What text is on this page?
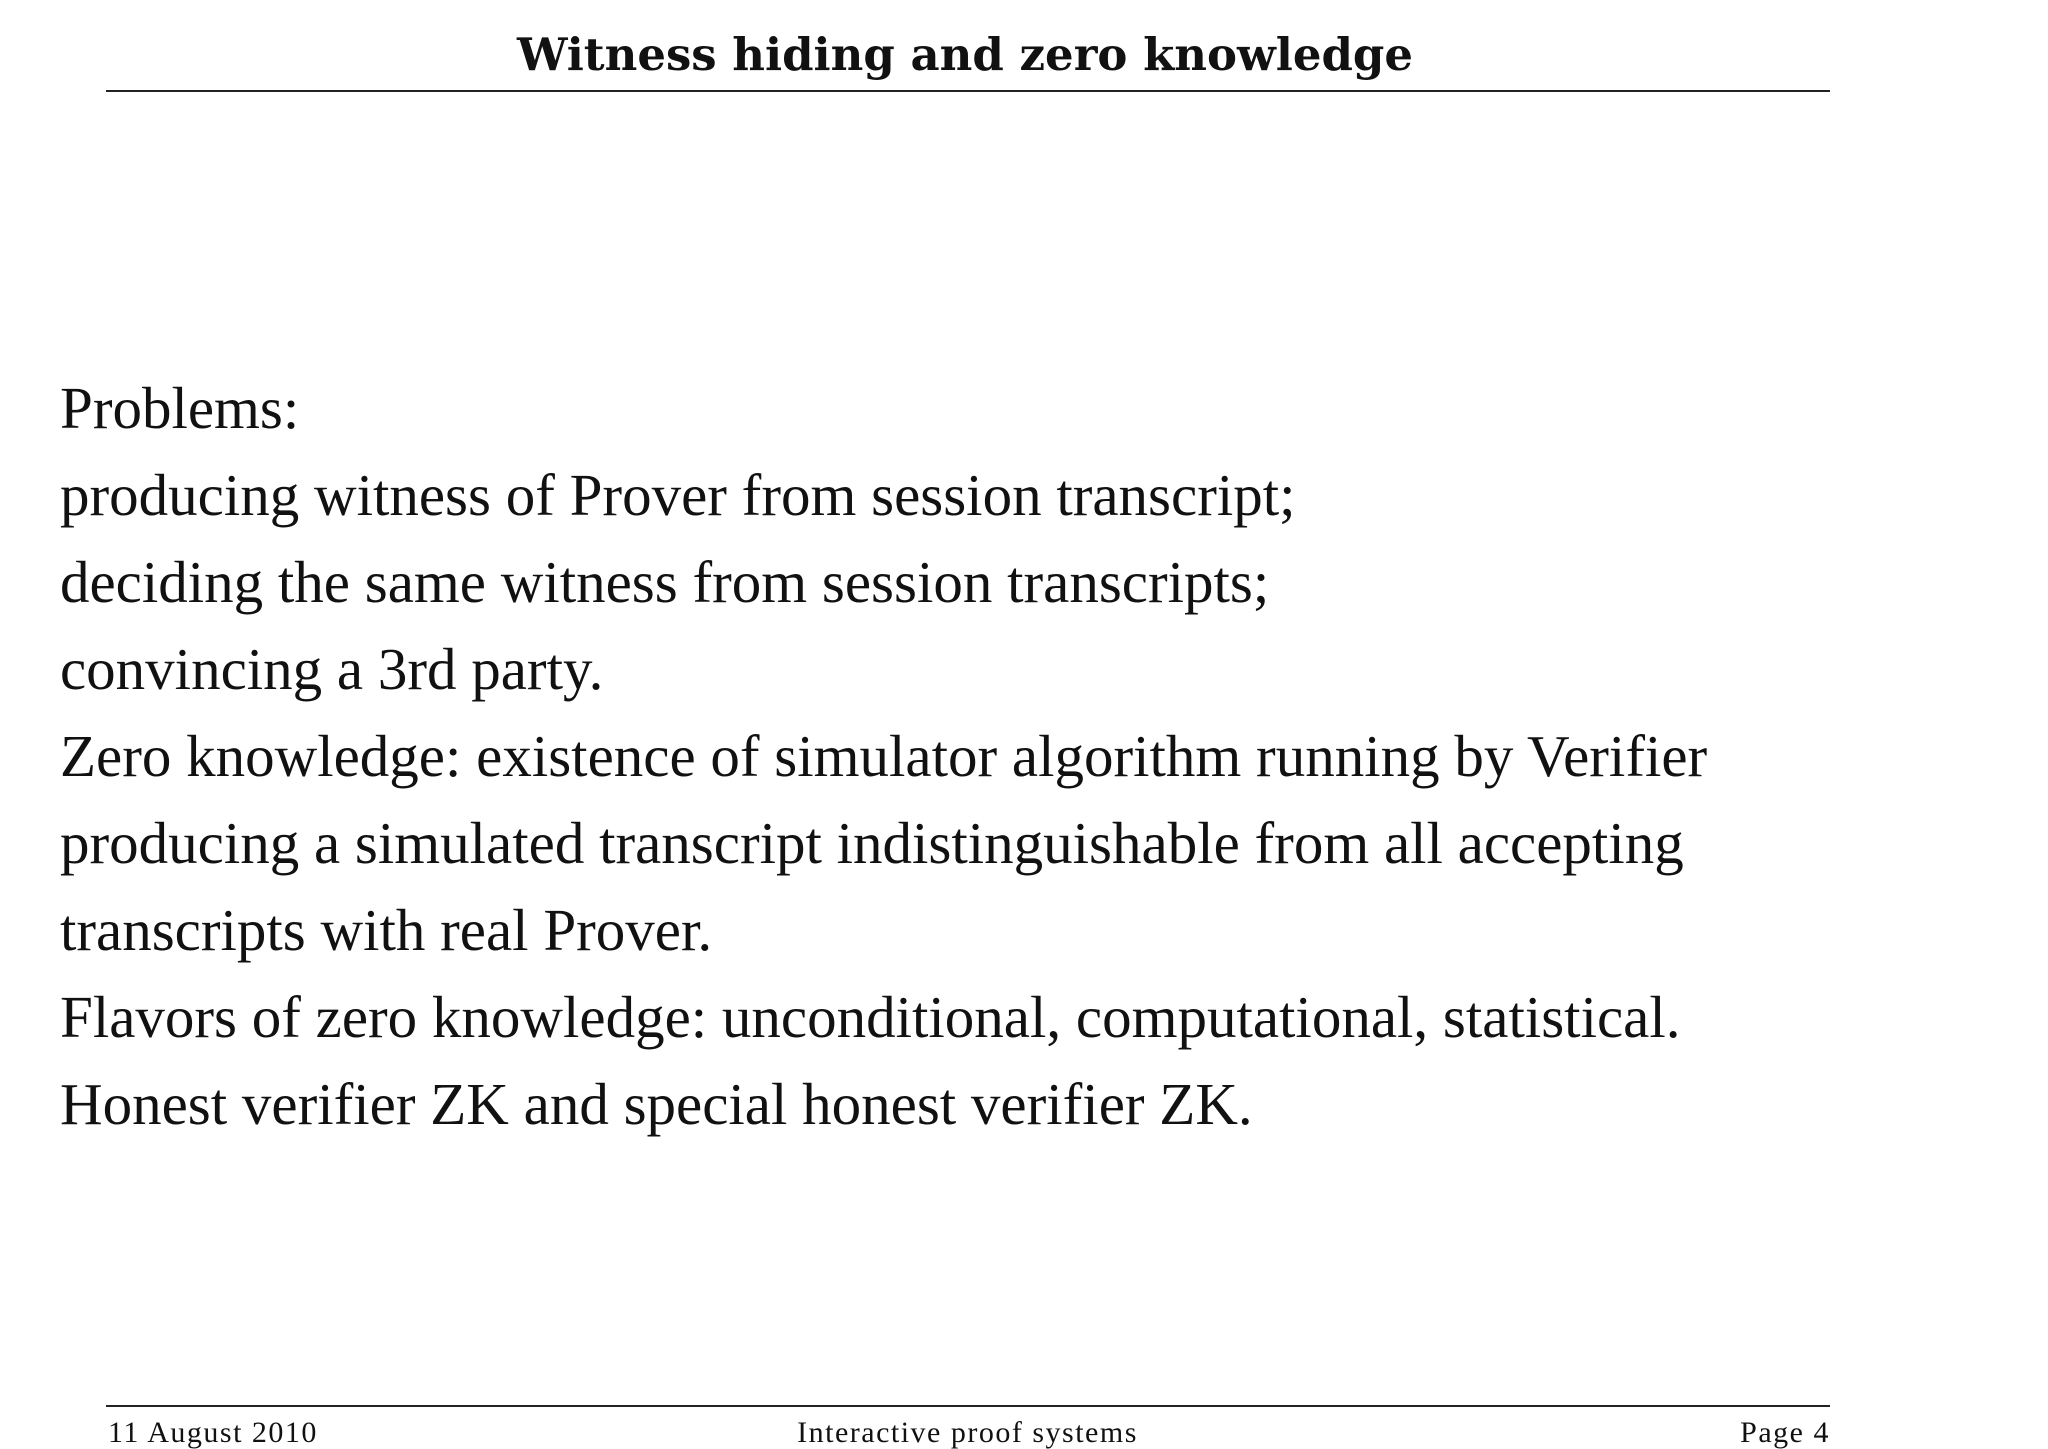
Witness hiding and zero knowledge
Problems:
producing witness of Prover from session transcript;
deciding the same witness from session transcripts;
convincing a 3rd party.
Zero knowledge: existence of simulator algorithm running by Verifier
producing a simulated transcript indistinguishable from all accepting
transcripts with real Prover.
Flavors of zero knowledge: unconditional, computational, statistical.
Honest verifier ZK and special honest verifier ZK.
11 August 2010	Interactive proof systems	Page 4
